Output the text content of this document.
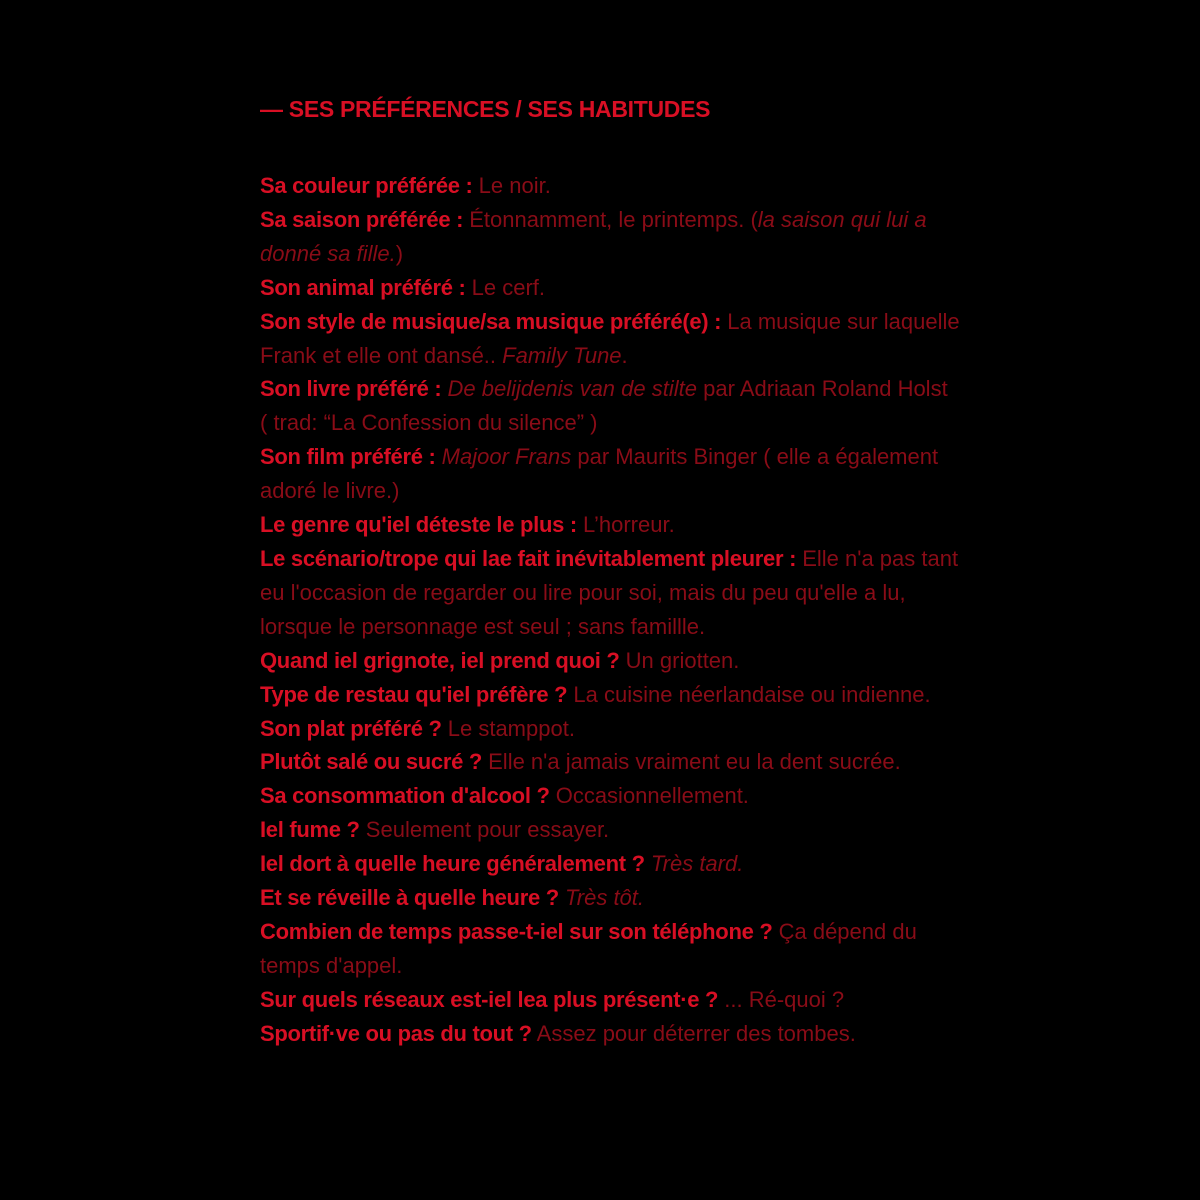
— SES PRÉFÉRENCES / SES HABITUDES

Sa couleur préférée : Le noir.

Sa saison préférée : Étonnamment, le printemps. (la saison qui lui a donné sa fille.)

Son animal préféré : Le cerf.

Son style de musique/sa musique préféré(e) : La musique sur laquelle Frank et elle ont dansé.. Family Tune.

Son livre préféré : De belijdenis van de stilte par Adriaan Roland Holst ( trad: “La Confession du silence” )

Son film préféré : Majoor Frans par Maurits Binger ( elle a également adoré le livre.)

Le genre qu'iel déteste le plus : L’horreur.

Le scénario/trope qui lae fait inévitablement pleurer : Elle n'a pas tant eu l'occasion de regarder ou lire pour soi, mais du peu qu'elle a lu, lorsque le personnage est seul ; sans famillle.

Quand iel grignote, iel prend quoi ? Un griotten.

Type de restau qu'iel préfère ? La cuisine néerlandaise ou indienne.

Son plat préféré ? Le stamppot.

Plutôt salé ou sucré ? Elle n'a jamais vraiment eu la dent sucrée.

Sa consommation d'alcool ? Occasionnellement.

Iel fume ? Seulement pour essayer.

Iel dort à quelle heure généralement ? Très tard.

Et se réveille à quelle heure ? Très tôt.

Combien de temps passe-t-iel sur son téléphone ? Ça dépend du temps d'appel.

Sur quels réseaux est-iel lea plus présent·e ? ... Ré-quoi ?

Sportif·ve ou pas du tout ? Assez pour déterrer des tombes.
